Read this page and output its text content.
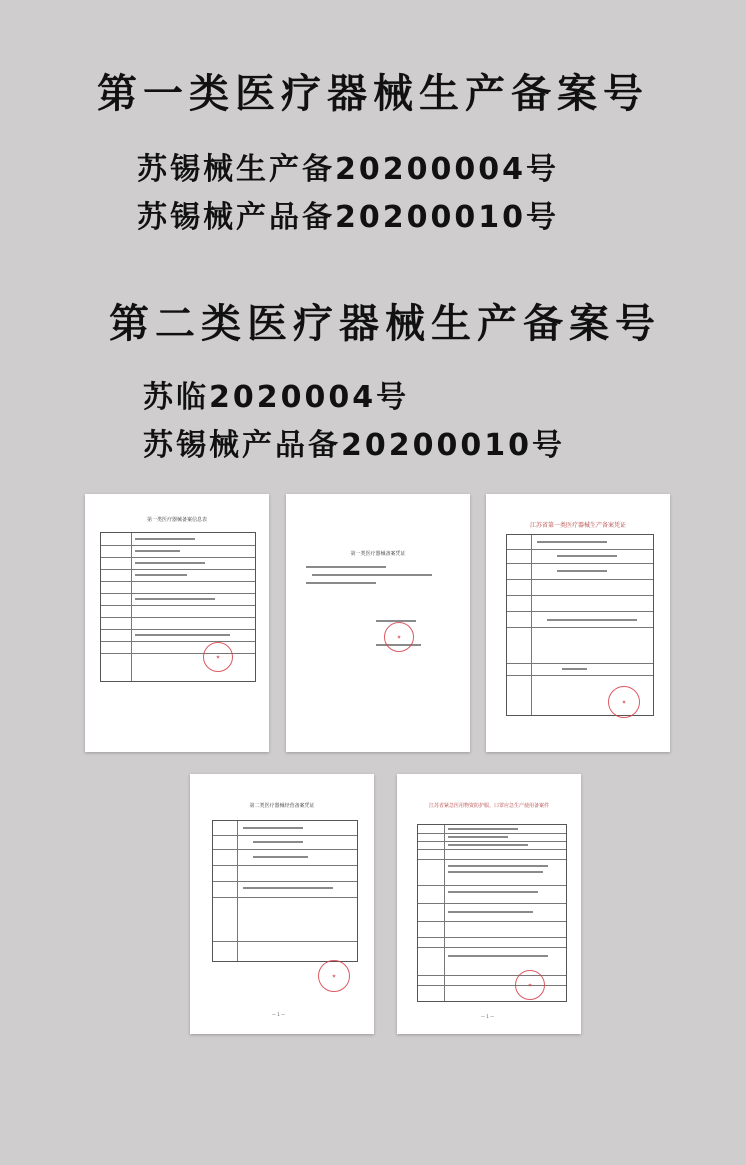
第一类医疗器械生产备案号
苏锡械生产备20200004号
苏锡械产品备20200010号
第二类医疗器械生产备案号
苏临2020004号
苏锡械产品备20200010号
第一类医疗器械备案信息表
第一类医疗器械备案凭证
江苏省第一类医疗器械生产备案凭证
第二类医疗器械经营备案凭证
— 1 —
江苏省紧急医用物资防护服、口罩应急生产使用备案件
— 1 —
